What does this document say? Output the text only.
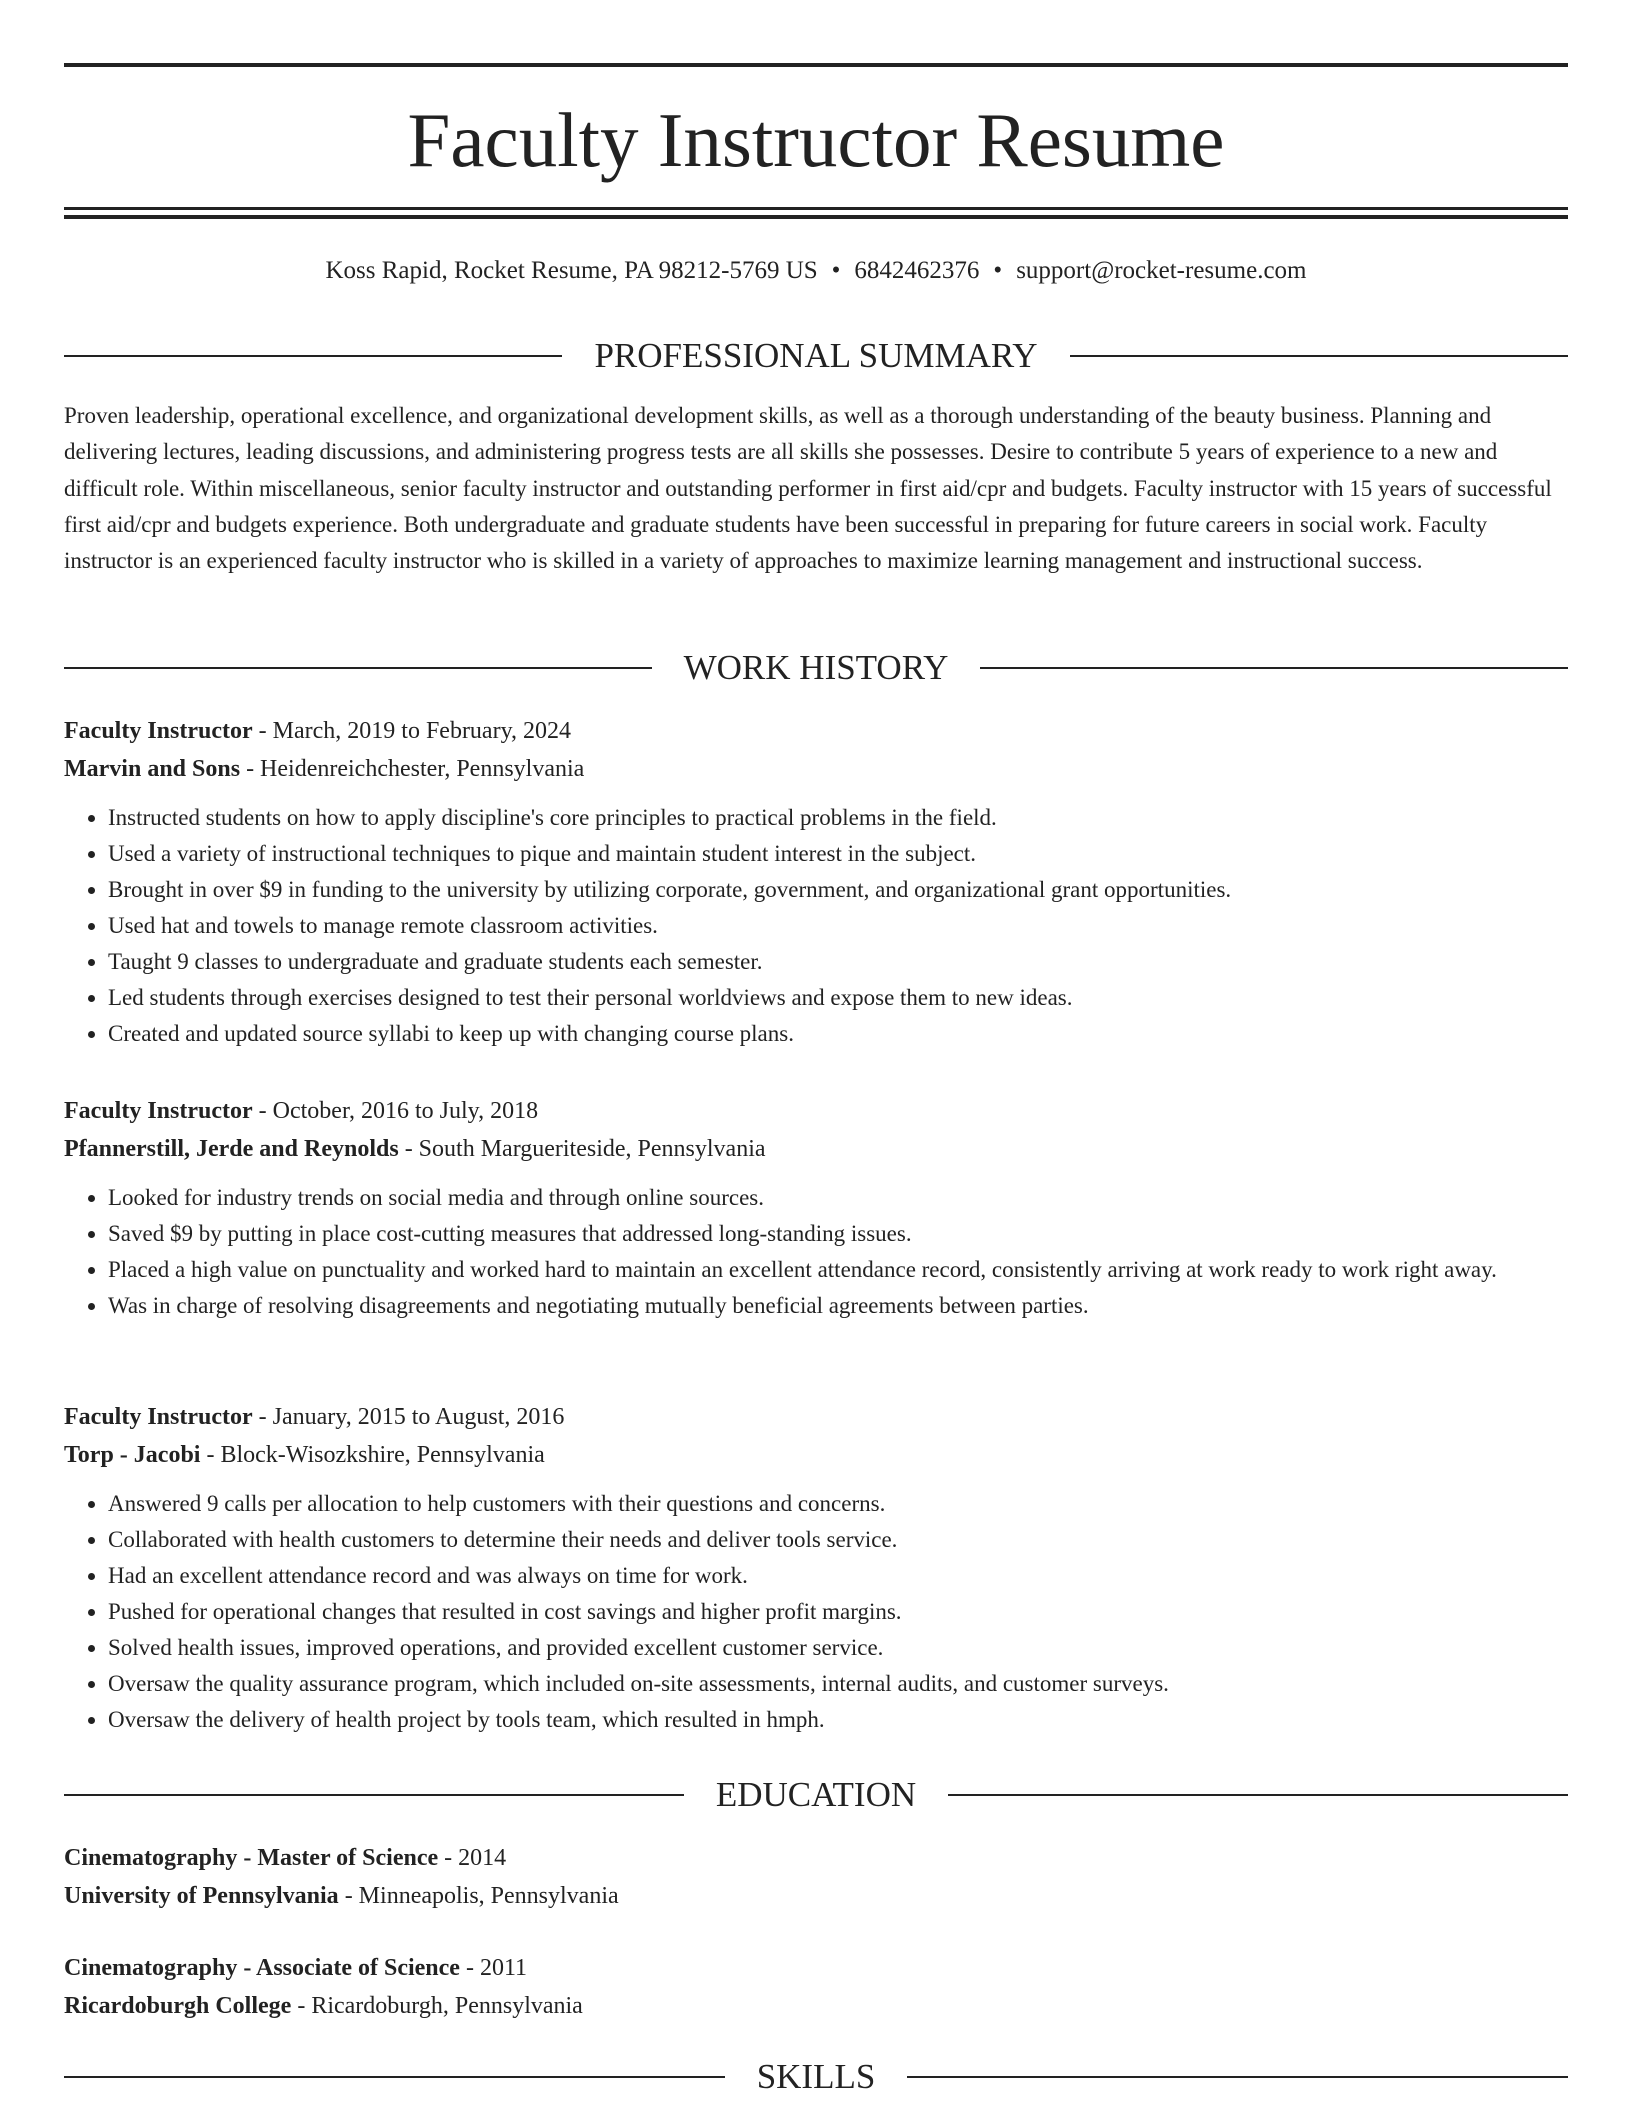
Faculty Instructor Resume
Koss Rapid, Rocket Resume, PA 98212-5769 US • 6842462376 • support@rocket-resume.com
PROFESSIONAL SUMMARY

Proven leadership, operational excellence, and organizational development skills, as well as a thorough understanding of the beauty business. Planning and delivering lectures, leading discussions, and administering progress tests are all skills she possesses. Desire to contribute 5 years of experience to a new and difficult role. Within miscellaneous, senior faculty instructor and outstanding performer in first aid/cpr and budgets. Faculty instructor with 15 years of successful first aid/cpr and budgets experience. Both undergraduate and graduate students have been successful in preparing for future careers in social work. Faculty instructor is an experienced faculty instructor who is skilled in a variety of approaches to maximize learning management and instructional success.

WORK HISTORY
Faculty Instructor - March, 2019 to February, 2024
Marvin and Sons - Heidenreichchester, Pennsylvania
• Instructed students on how to apply discipline's core principles to practical problems in the field.
• Used a variety of instructional techniques to pique and maintain student interest in the subject.
• Brought in over $9 in funding to the university by utilizing corporate, government, and organizational grant opportunities.
• Used hat and towels to manage remote classroom activities.
• Taught 9 classes to undergraduate and graduate students each semester.
• Led students through exercises designed to test their personal worldviews and expose them to new ideas.
• Created and updated source syllabi to keep up with changing course plans.
Faculty Instructor - October, 2016 to July, 2018
Pfannerstill, Jerde and Reynolds - South Margueriteside, Pennsylvania
• Looked for industry trends on social media and through online sources.
• Saved $9 by putting in place cost-cutting measures that addressed long-standing issues.
• Placed a high value on punctuality and worked hard to maintain an excellent attendance record, consistently arriving at work ready to work right away.
• Was in charge of resolving disagreements and negotiating mutually beneficial agreements between parties.
Faculty Instructor - January, 2015 to August, 2016
Torp - Jacobi - Block-Wisozkshire, Pennsylvania
• Answered 9 calls per allocation to help customers with their questions and concerns.
• Collaborated with health customers to determine their needs and deliver tools service.
• Had an excellent attendance record and was always on time for work.
• Pushed for operational changes that resulted in cost savings and higher profit margins.
• Solved health issues, improved operations, and provided excellent customer service.
• Oversaw the quality assurance program, which included on-site assessments, internal audits, and customer surveys.
• Oversaw the delivery of health project by tools team, which resulted in hmph.
EDUCATION
Cinematography - Master of Science - 2014
University of Pennsylvania - Minneapolis, Pennsylvania
Cinematography - Associate of Science - 2011
Ricardoburgh College - Ricardoburgh, Pennsylvania
SKILLS
